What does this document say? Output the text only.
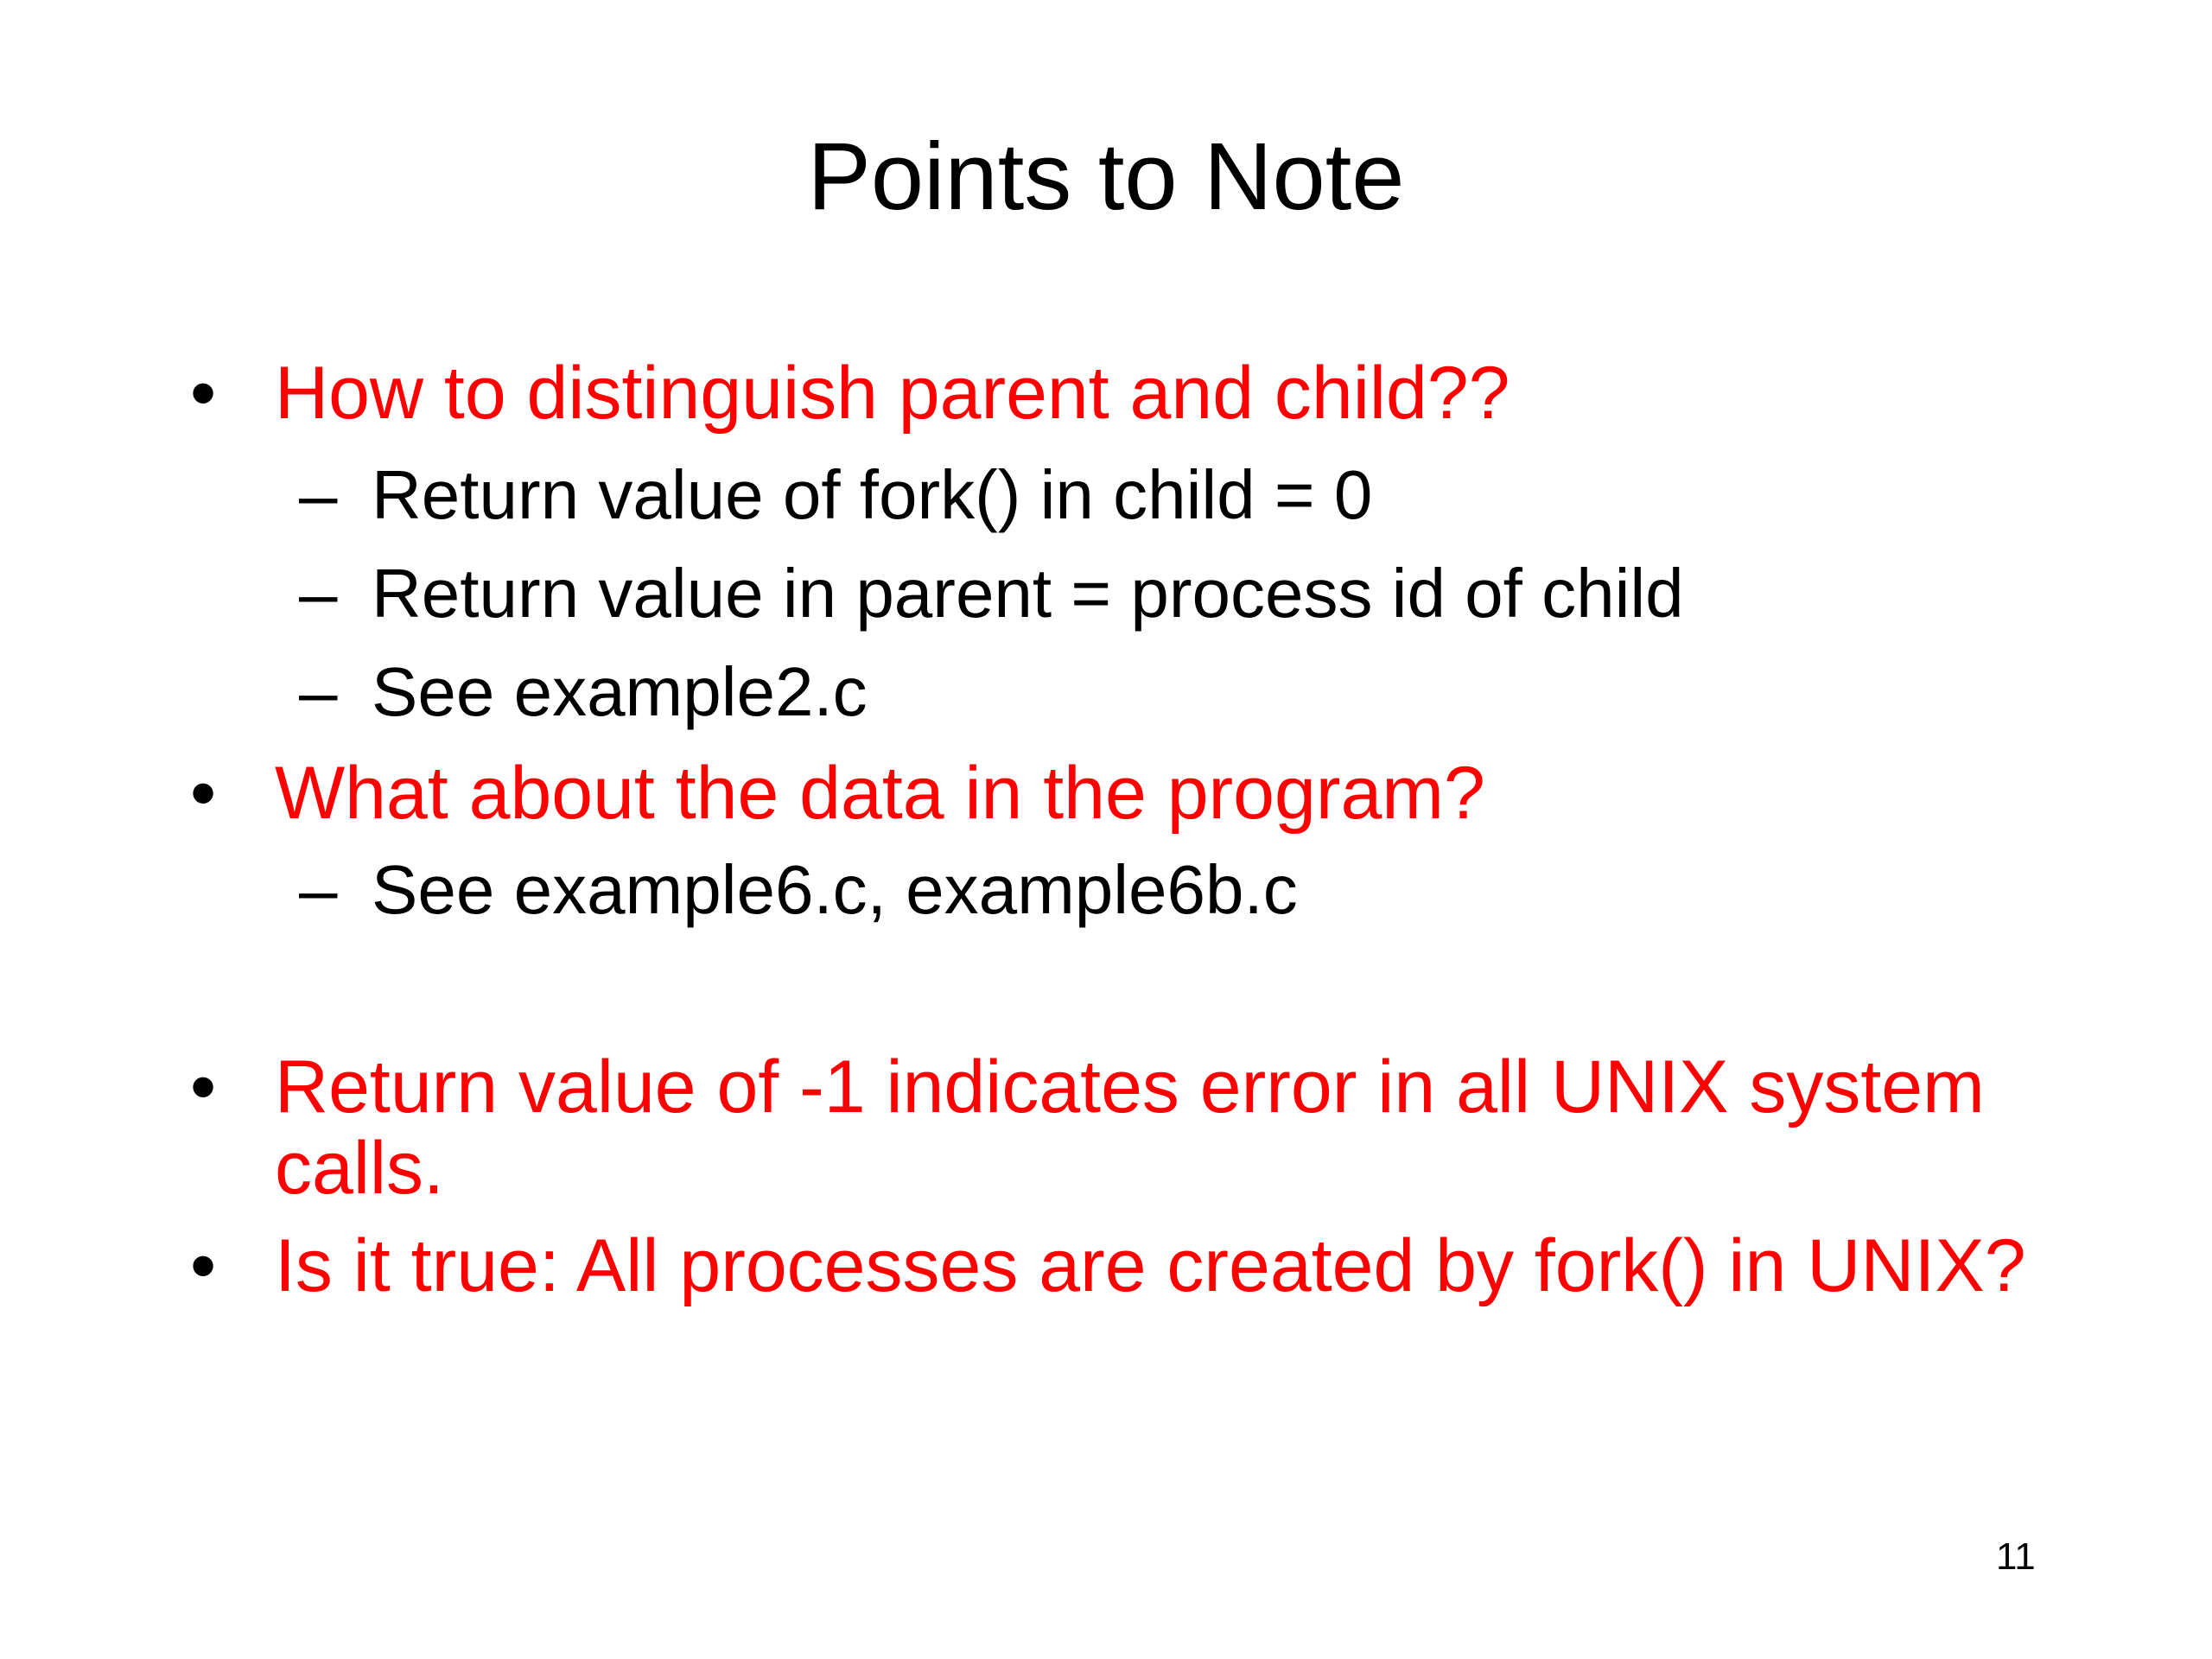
Points to Note
• How to distinguish parent and child??
– Return value of fork() in child = 0
– Return value in parent = process id of child
– See example2.c
• What about the data in the program?
– See example6.c, example6b.c
• Return value of -1 indicates error in all UNIX system calls.
• Is it true: All processes are created by fork() in UNIX?
11
